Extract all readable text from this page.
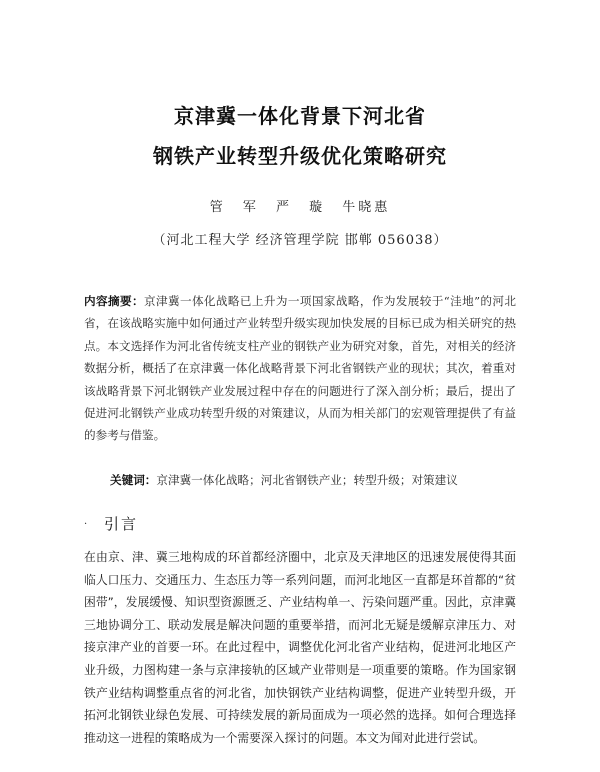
京津冀一体化背景下河北省
钢铁产业转型升级优化策略研究
管 军 严 璇 牛晓惠
（河北工程大学 经济管理学院 邯郸 056038）
内容摘要：京津冀一体化战略已上升为一项国家战略，作为发展较于“洼地”的河北省，在该战略实施中如何通过产业转型升级实现加快发展的目标已成为相关研究的热点。本文选择作为河北省传统支柱产业的钢铁产业为研究对象，首先，对相关的经济数据分析，概括了在京津冀一体化战略背景下河北省钢铁产业的现状；其次，着重对该战略背景下河北钢铁产业发展过程中存在的问题进行了深入剖分析；最后，提出了促进河北钢铁产业成功转型升级的对策建议，从而为相关部门的宏观管理提供了有益的参考与借鉴。
关键词：京津冀一体化战略；河北省钢铁产业；转型升级；对策建议
· 引言
在由京、津、冀三地构成的环首都经济圈中，北京及天津地区的迅速发展使得其面临人口压力、交通压力、生态压力等一系列问题，而河北地区一直都是环首都的“贫困带”，发展缓慢、知识型资源匮乏、产业结构单一、污染问题严重。因此，京津冀三地协调分工、联动发展是解决问题的重要举措，而河北无疑是缓解京津压力、对接京津产业的首要一环。在此过程中，调整优化河北省产业结构，促进河北地区产业升级，力图构建一条与京津接轨的区域产业带则是一项重要的策略。作为国家钢铁产业结构调整重点省的河北省，加快钢铁产业结构调整，促进产业转型升级，开拓河北钢铁业绿色发展、可持续发展的新局面成为一项必然的选择。如何合理选择推动这一进程的策略成为一个需要深入探讨的问题。本文为闻对此进行尝试。
